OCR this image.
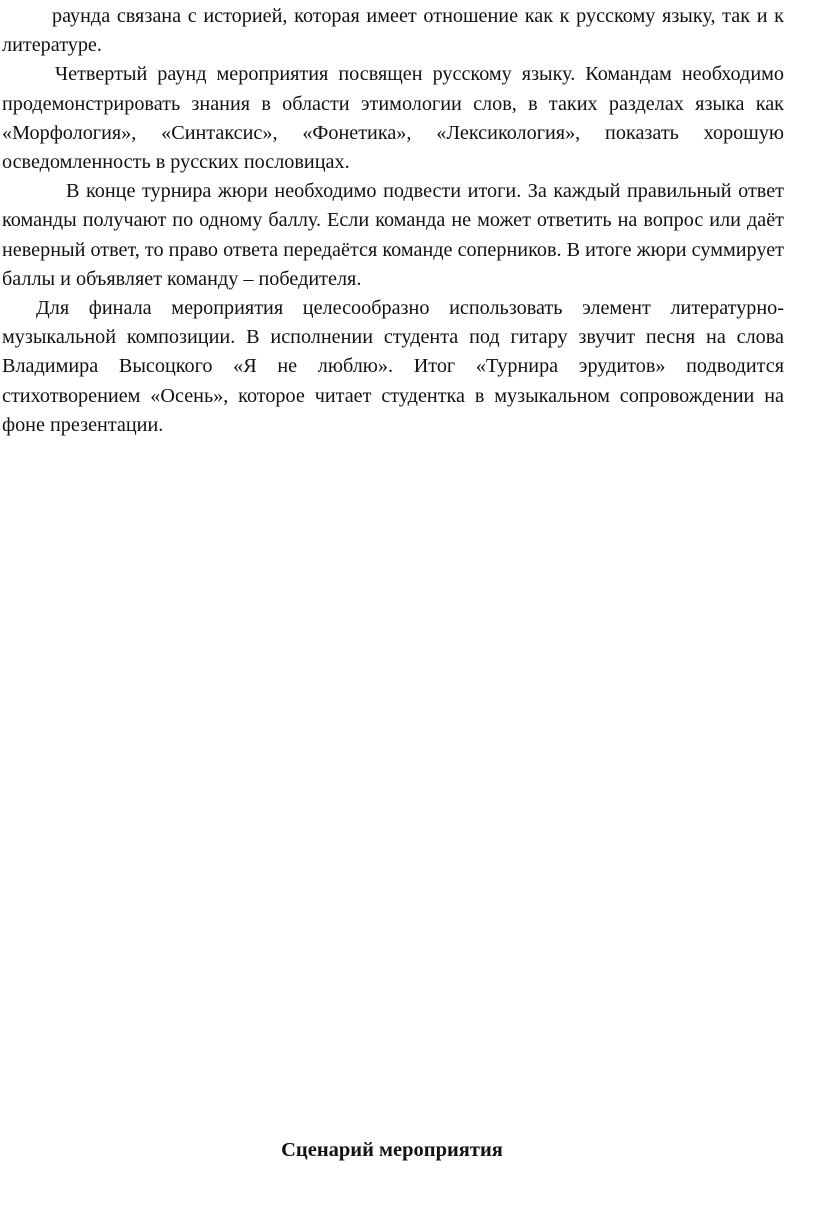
раунда связана с историей, которая имеет отношение как к русскому языку, так и к литературе.

Четвертый раунд мероприятия посвящен русскому языку. Командам необходимо продемонстрировать знания в области этимологии слов, в таких разделах языка как «Морфология», «Синтаксис», «Фонетика», «Лексикология», показать хорошую осведомленность в русских пословицах.

В конце турнира жюри необходимо подвести итоги. За каждый правильный ответ команды получают по одному баллу. Если команда не может ответить на вопрос или даёт неверный ответ, то право ответа передаётся команде соперников. В итоге жюри суммирует баллы и объявляет команду – победителя.

Для финала мероприятия целесообразно использовать элемент литературно-музыкальной композиции. В исполнении студента под гитару звучит песня на слова Владимира Высоцкого «Я не люблю». Итог «Турнира эрудитов» подводится стихотворением «Осень», которое читает студентка в музыкальном сопровождении на фоне презентации.

Сценарий мероприятия
